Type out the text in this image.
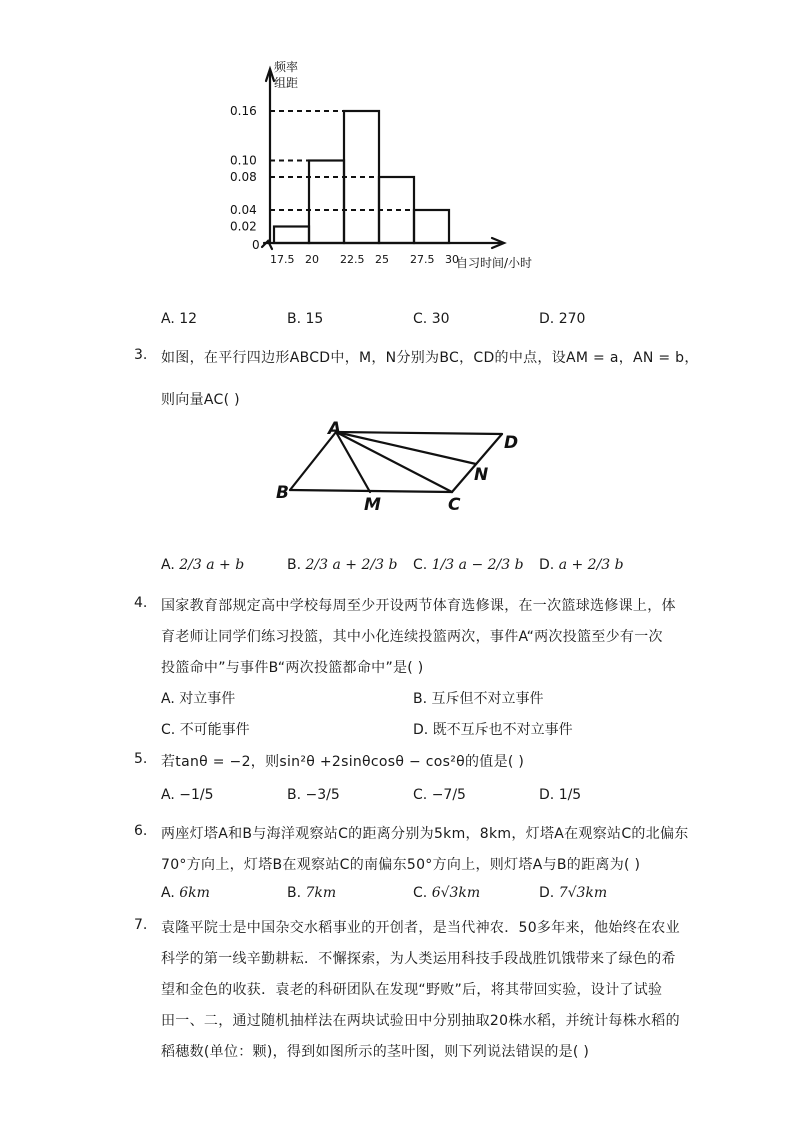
0.16
0.10
0.08
0.04
0.02
17.5 20 22.5 25 27.5 30
频率
组距
0
自习时间/小时
A. 12	B. 15	C. 30	D. 270
3. 如图，在平行四边形ABCD中，M，N分别为BC，CD的中点，设AM = a，AN = b，
则向量AC( )
A
D
B
M	C
N
A. 2/3 a + b	B. 2/3 a + 2/3 b C. 1/3 a − 2/3 b D. a + 2/3 b
4. 国家教育部规定高中学校每周至少开设两节体育选修课，在一次篮球选修课上，体
育老师让同学们练习投篮，其中小化连续投篮两次，事件A“两次投篮至少有一次
投篮命中”与事件B“两次投篮都命中”是( )
A. 对立事件	B. 互斥但不对立事件
C. 不可能事件	D. 既不互斥也不对立事件
5. 若tanθ = −2，则sin²θ +2sinθcosθ − cos²θ的值是( )
A. −1/5	B. −3/5	C. −7/5	D. 1/5
6. 两座灯塔A和B与海洋观察站C的距离分别为5km，8km，灯塔A在观察站C的北偏东
70°方向上，灯塔B在观察站C的南偏东50°方向上，则灯塔A与B的距离为( )
A. 6km	B. 7km	C. 6√3km	D. 7√3km
7. 袁隆平院士是中国杂交水稻事业的开创者，是当代神农．50多年来，他始终在农业
科学的第一线辛勤耕耘．不懈探索，为人类运用科技手段战胜饥饿带来了绿色的希
望和金色的收获．袁老的科研团队在发现“野败”后，将其带回实验，设计了试验
田一、二，通过随机抽样法在两块试验田中分别抽取20株水稻，并统计每株水稻的
稻穗数(单位：颗)，得到如图所示的茎叶图，则下列说法错误的是( )
